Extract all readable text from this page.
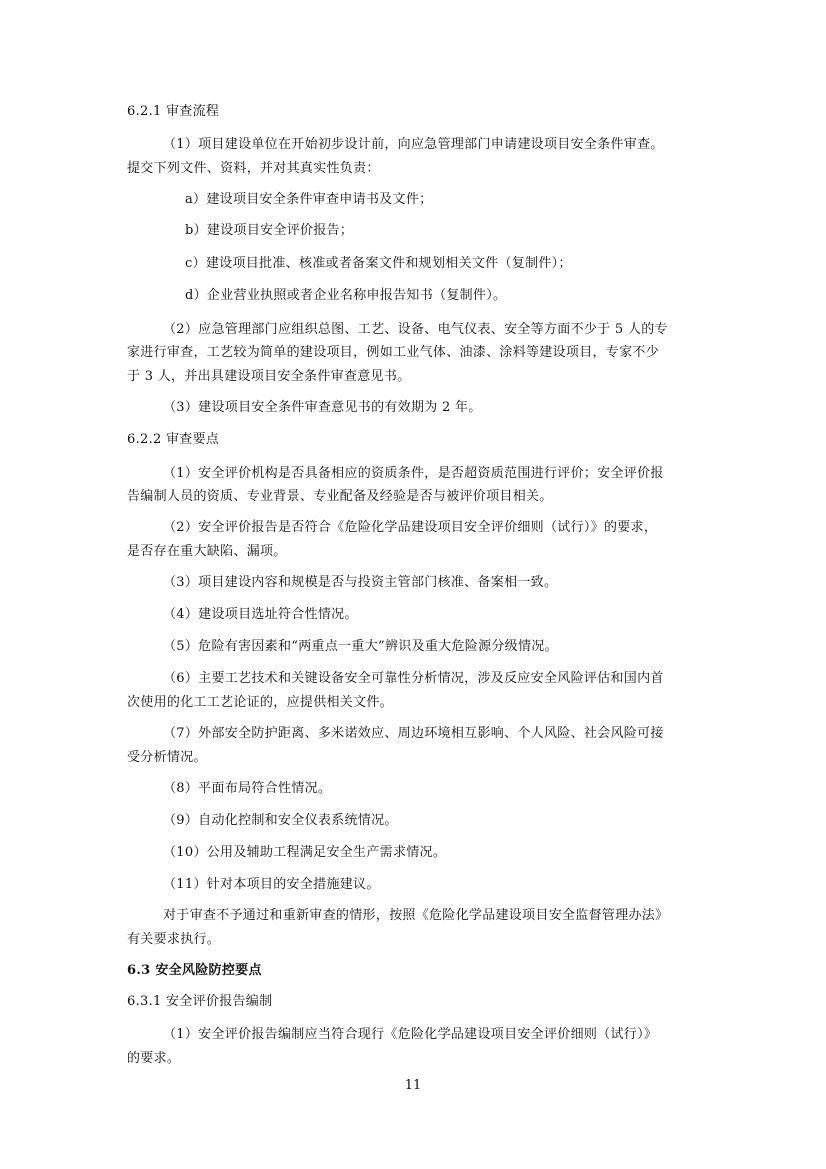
6.2.1 审查流程
（1）项目建设单位在开始初步设计前，向应急管理部门申请建设项目安全条件审查。
提交下列文件、资料，并对其真实性负责：
a）建设项目安全条件审查申请书及文件；
b）建设项目安全评价报告；
c）建设项目批准、核准或者备案文件和规划相关文件（复制件）；
d）企业营业执照或者企业名称申报告知书（复制件）。
（2）应急管理部门应组织总图、工艺、设备、电气仪表、安全等方面不少于 5 人的专
家进行审查，工艺较为简单的建设项目，例如工业气体、油漆、涂料等建设项目，专家不少
于 3 人，并出具建设项目安全条件审查意见书。
（3）建设项目安全条件审查意见书的有效期为 2 年。
6.2.2 审查要点
（1）安全评价机构是否具备相应的资质条件，是否超资质范围进行评价；安全评价报
告编制人员的资质、专业背景、专业配备及经验是否与被评价项目相关。
（2）安全评价报告是否符合《危险化学品建设项目安全评价细则（试行）》的要求，
是否存在重大缺陷、漏项。
（3）项目建设内容和规模是否与投资主管部门核准、备案相一致。
（4）建设项目选址符合性情况。
（5）危险有害因素和“两重点一重大”辨识及重大危险源分级情况。
（6）主要工艺技术和关键设备安全可靠性分析情况，涉及反应安全风险评估和国内首
次使用的化工工艺论证的，应提供相关文件。
（7）外部安全防护距离、多米诺效应、周边环境相互影响、个人风险、社会风险可接
受分析情况。
（8）平面布局符合性情况。
（9）自动化控制和安全仪表系统情况。
（10）公用及辅助工程满足安全生产需求情况。
（11）针对本项目的安全措施建议。
对于审查不予通过和重新审查的情形，按照《危险化学品建设项目安全监督管理办法》
有关要求执行。
6.3 安全风险防控要点
6.3.1 安全评价报告编制
（1）安全评价报告编制应当符合现行《危险化学品建设项目安全评价细则（试行）》
的要求。
11
